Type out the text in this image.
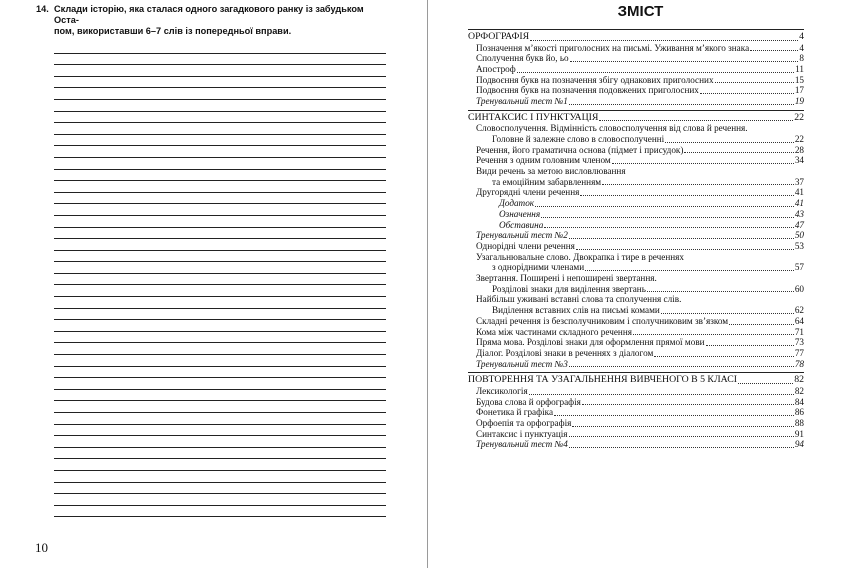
ЗМІСТ
14. Склади історію, яка сталася одного загадкового ранку із забудьком Оста-
пом, використавши 6–7 слів із попередньої вправи.
10
ОРФОГРАФІЯ	4
Позначення м’якості приголосних на письмі. Уживання м’якого знака	4
Сполучення букв йо, ьо	8
Апостроф	11
Подвоєння букв на позначення збігу однакових приголосних	15
Подвоєння букв на позначення подовжених приголосних	17
Тренувальний тест №1	19
СИНТАКСИС І ПУНКТУАЦІЯ	22
Словосполучення. Відмінність словосполучення від слова й речення.
Головне й залежне слово в словосполученні	22
Речення, його граматична основа (підмет і присудок)	28
Речення з одним головним членом	34
Види речень за метою висловлювання
та емоційним забарвленням	37
Другорядні члени речення	41
Додаток	41
Означення	43
Обставина	47
Тренувальний тест №2	50
Однорідні члени речення	53
Узагальнювальне слово. Двокрапка і тире в реченнях
з однорідними членами	57
Звертання. Поширені і непоширені звертання.
Розділові знаки для виділення звертань	60
Найбільш уживані вставні слова та сполучення слів.
Виділення вставних слів на письмі комами	62
Складні речення із безсполучниковим і сполучниковим зв’язком	64
Кома між частинами складного речення	71
Пряма мова. Розділові знаки для оформлення прямої мови	73
Діалог. Розділові знаки в реченнях з діалогом	77
Тренувальний тест №3	78
ПОВТОРЕННЯ ТА УЗАГАЛЬНЕННЯ ВИВЧЕНОГО В 5 КЛАСІ	82
Лексикологія	82
Будова слова й орфографія	84
Фонетика й графіка	86
Орфоепія та орфографія	88
Синтаксис і пунктуація	91
Тренувальний тест №4	94
